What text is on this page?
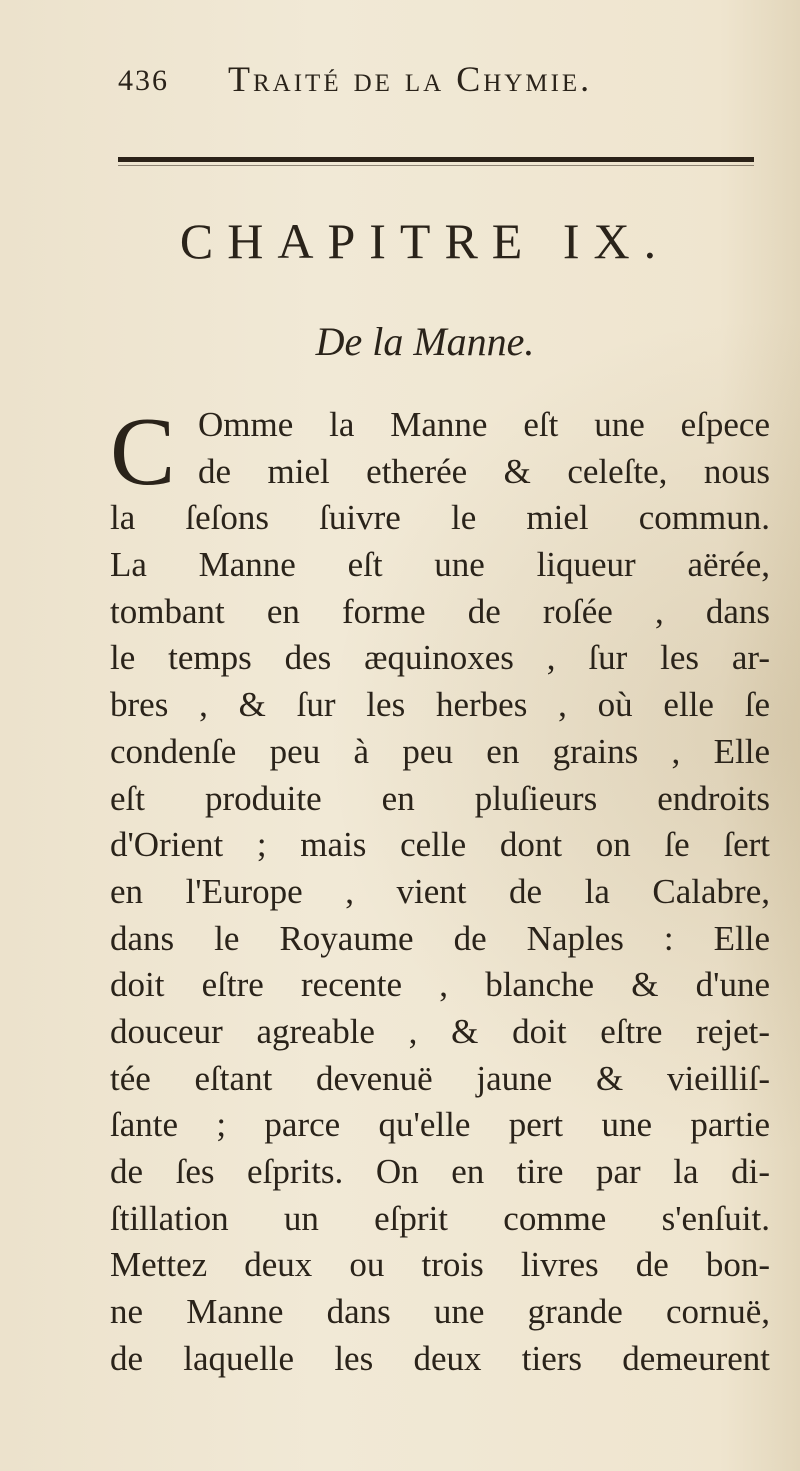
436 Traité de la Chymie.
CHAPITRE IX.
De la Manne.
C Omme la Manne eſt une eſpece
de miel etherée & celeſte, nous
la ſeſons ſuivre le miel commun.
La Manne eſt une liqueur aërée,
tombant en forme de roſée , dans
le temps des æquinoxes , ſur les ar-
bres , & ſur les herbes , où elle ſe
condenſe peu à peu en grains , Elle
eſt produite en pluſieurs endroits
d'Orient ; mais celle dont on ſe ſert
en l'Europe , vient de la Calabre,
dans le Royaume de Naples : Elle
doit eſtre recente , blanche & d'une
douceur agreable , & doit eſtre rejet-
tée eſtant devenuë jaune & vieilliſ-
ſante ; parce qu'elle pert une partie
de ſes eſprits. On en tire par la di-
ſtillation un eſprit comme s'enſuit.
Mettez deux ou trois livres de bon-
ne Manne dans une grande cornuë,
de laquelle les deux tiers demeurent
